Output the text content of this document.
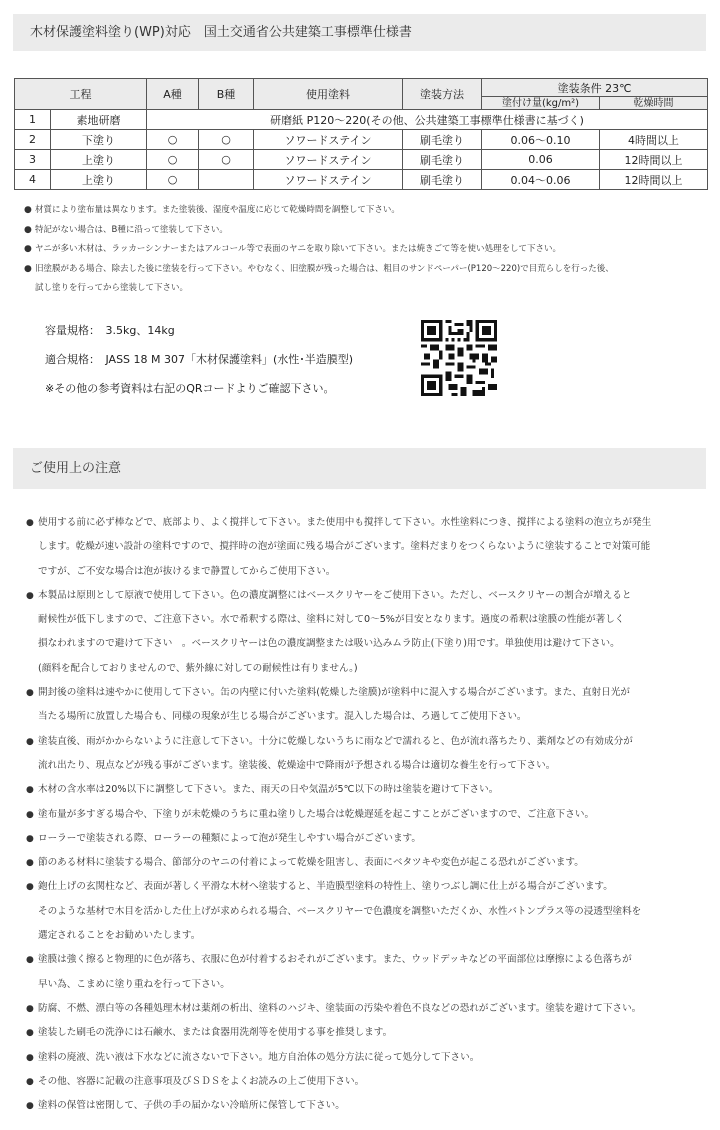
木材保護塗料塗り(WP)対応　国土交通省公共建築工事標準仕様書
工程		A種	B種	使用塗料	塗装方法	塗装条件 23℃	
						塗付け量(kg/m²)	乾燥時間
1	素地研磨	研磨紙 P120～220(その他、公共建築工事標準仕様書に基づく)					
2	下塗り	○	○	ソワードステイン	刷毛塗り	0.06～0.10	4時間以上
3	上塗り	○	○	ソワードステイン	刷毛塗り	0.06	12時間以上
4	上塗り	○		ソワードステイン	刷毛塗り	0.04～0.06	12時間以上
● 材質により塗布量は異なります。また塗装後、湿度や温度に応じて乾燥時間を調整して下さい。
● 特記がない場合は、B種に沿って塗装して下さい。
● ヤニが多い木材は、ラッカーシンナーまたはアルコール等で表面のヤニを取り除いて下さい。または焼きごて等を使い処理をして下さい。
● 旧塗膜がある場合、除去した後に塗装を行って下さい。やむなく、旧塗膜が残った場合は、粗目のサンドペーパー(P120～220)で目荒らしを行った後、
試し塗りを行ってから塗装して下さい。
容量規格：　3.5kg、14kg
適合規格：　JASS 18 M 307「木材保護塗料」(水性･半造膜型)
※その他の参考資料は右記のQRコードよりご確認下さい。
ご使用上の注意
● 使用する前に必ず棒などで、底部より、よく撹拌して下さい。また使用中も撹拌して下さい。水性塗料につき、撹拌による塗料の泡立ちが発生
します。乾燥が速い設計の塗料ですので、撹拌時の泡が塗面に残る場合がございます。塗料だまりをつくらないように塗装することで対策可能
ですが、ご不安な場合は泡が抜けるまで静置してからご使用下さい。
● 本製品は原則として原液で使用して下さい。色の濃度調整にはベースクリヤーをご使用下さい。ただし、ベースクリヤーの割合が増えると
耐候性が低下しますので、ご注意下さい。水で希釈する際は、塗料に対して0～5%が目安となります。過度の希釈は塗膜の性能が著しく
損なわれますので避けて下さい　。ベースクリヤーは色の濃度調整または吸い込みムラ防止(下塗り)用です。単独使用は避けて下さい。
(顔料を配合しておりませんので、紫外線に対しての耐候性は有りません。)
● 開封後の塗料は速やかに使用して下さい。缶の内壁に付いた塗料(乾燥した塗膜)が塗料中に混入する場合がございます。また、直射日光が
当たる場所に放置した場合も、同様の現象が生じる場合がございます。混入した場合は、ろ過してご使用下さい。
● 塗装直後、雨がかからないように注意して下さい。十分に乾燥しないうちに雨などで濡れると、色が流れ落ちたり、薬剤などの有効成分が
流れ出たり、現点などが残る事がございます。塗装後、乾燥途中で降雨が予想される場合は適切な養生を行って下さい。
● 木材の含水率は20%以下に調整して下さい。また、雨天の日や気温が5℃以下の時は塗装を避けて下さい。
● 塗布量が多すぎる場合や、下塗りが未乾燥のうちに重ね塗りした場合は乾燥遅延を起こすことがございますので、ご注意下さい。
● ローラーで塗装される際、ローラーの種類によって泡が発生しやすい場合がございます。
● 節のある材料に塗装する場合、節部分のヤニの付着によって乾燥を阻害し、表面にベタツキや変色が起こる恐れがございます。
● 鉋仕上げの玄関柱など、表面が著しく平滑な木材へ塗装すると、半造膜型塗料の特性上、塗りつぶし調に仕上がる場合がございます。
そのような基材で木目を活かした仕上げが求められる場合、ベースクリヤーで色濃度を調整いただくか、水性バトンプラス等の浸透型塗料を
選定されることをお勧めいたします。
● 塗膜は強く擦ると物理的に色が落ち、衣服に色が付着するおそれがございます。また、ウッドデッキなどの平面部位は摩擦による色落ちが
早い為、こまめに塗り重ねを行って下さい。
● 防腐、不燃、漂白等の各種処理木材は薬剤の析出、塗料のハジキ、塗装面の汚染や着色不良などの恐れがございます。塗装を避けて下さい。
● 塗装した刷毛の洗浄には石鹸水、または食器用洗剤等を使用する事を推奨します。
● 塗料の廃液、洗い液は下水などに流さないで下さい。地方自治体の処分方法に従って処分して下さい。
● その他、容器に記載の注意事項及びＳＤＳをよくお読みの上ご使用下さい。
● 塗料の保管は密閉して、子供の手の届かない冷暗所に保管して下さい。
